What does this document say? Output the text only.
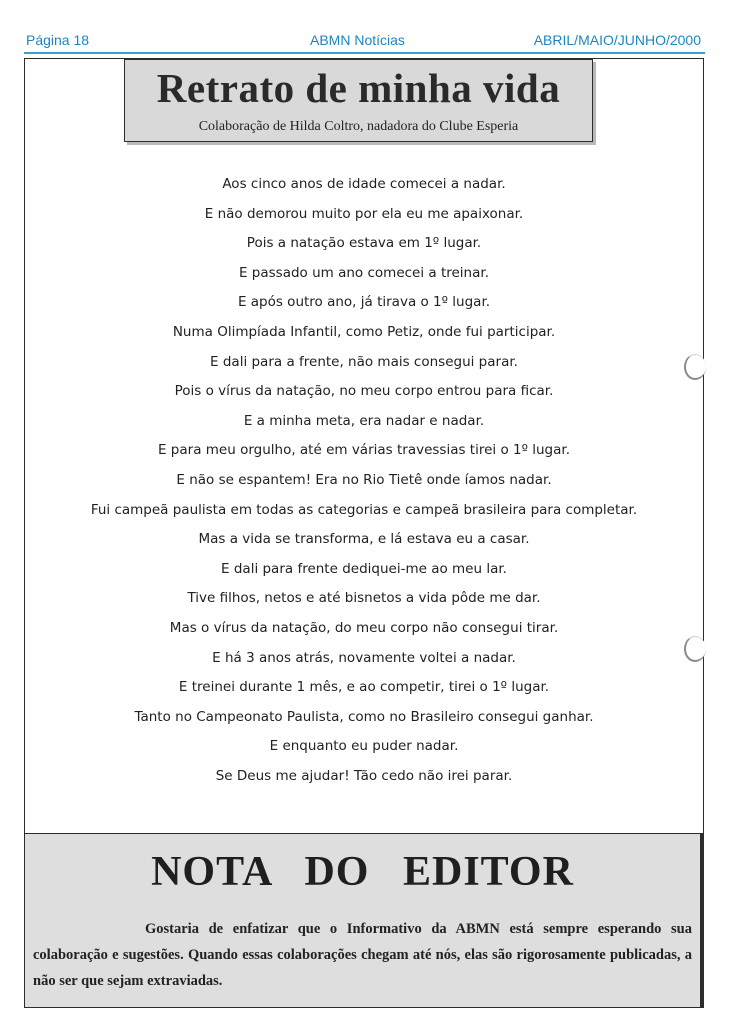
Página 18	ABMN Notícias	ABRIL/MAIO/JUNHO/2000
Retrato de minha vida
Colaboração de Hilda Coltro, nadadora do Clube Esperia
Aos cinco anos de idade comecei a nadar.
E não demorou muito por ela eu me apaixonar.
Pois a natação estava em 1º lugar.
E passado um ano comecei a treinar.
E após outro ano, já tirava o 1º lugar.
Numa Olimpíada Infantil, como Petiz, onde fui participar.
E dali para a frente, não mais consegui parar.
Pois o vírus da natação, no meu corpo entrou para ficar.
E a minha meta, era nadar e nadar.
E para meu orgulho, até em várias travessias tirei o 1º lugar.
E não se espantem! Era no Rio Tietê onde íamos nadar.
Fui campeã paulista em todas as categorias e campeã brasileira para completar.
Mas a vida se transforma, e lá estava eu a casar.
E dali para frente dediquei-me ao meu lar.
Tive filhos, netos e até bisnetos a vida pôde me dar.
Mas o vírus da natação, do meu corpo não consegui tirar.
E há 3 anos atrás, novamente voltei a nadar.
E treinei durante 1 mês, e ao competir, tirei o 1º lugar.
Tanto no Campeonato Paulista, como no Brasileiro consegui ganhar.
E enquanto eu puder nadar.
Se Deus me ajudar! Tão cedo não irei parar.
NOTA DO EDITOR
Gostaria de enfatizar que o Informativo da ABMN está sempre esperando sua colaboração e sugestões. Quando essas colaborações chegam até nós, elas são rigorosamente publicadas, a não ser que sejam extraviadas.
